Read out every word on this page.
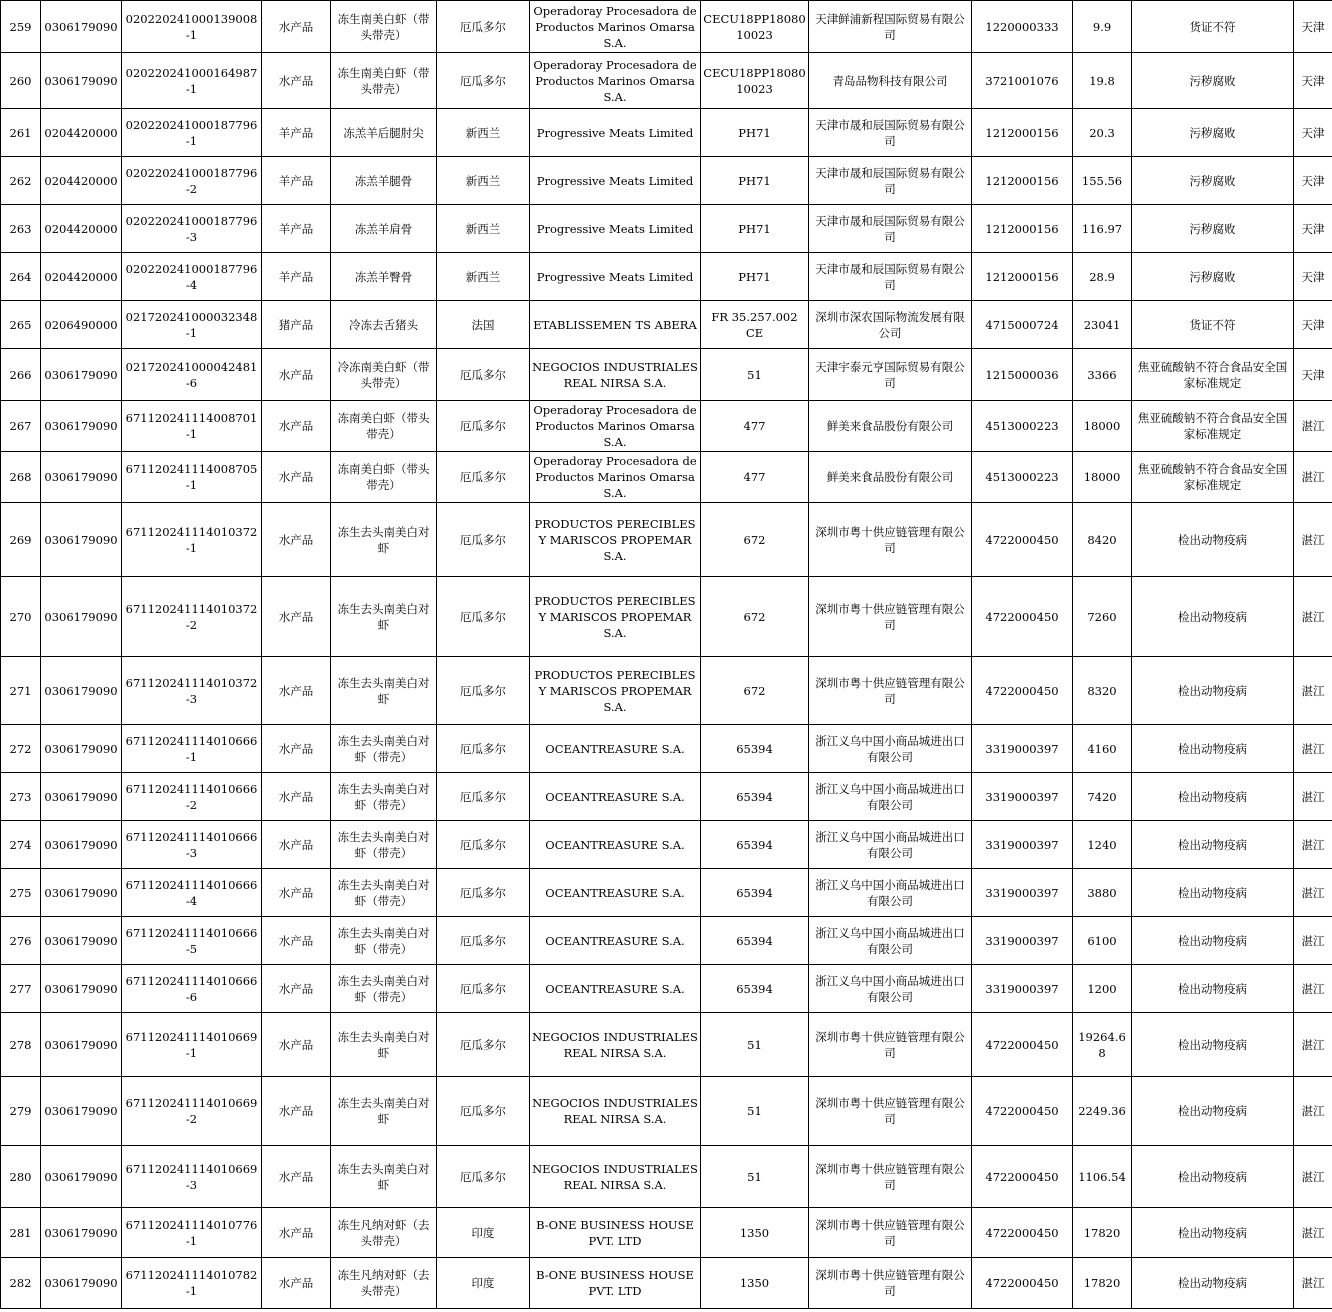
259	0306179090	020220241000139008-1	水产品	冻生南美白虾（带头带壳）	厄瓜多尔	Operadoray Procesadora de Productos Marinos Omarsa S.A.	CECU18PP1808010023	天津鲜浦新程国际贸易有限公司	1220000333	9.9	货证不符	天津
260	0306179090	020220241000164987-1	水产品	冻生南美白虾（带头带壳）	厄瓜多尔	Operadoray Procesadora de Productos Marinos Omarsa S.A.	CECU18PP1808010023	青岛品物科技有限公司	3721001076	19.8	污秽腐败	天津
261	0204420000	020220241000187796-1	羊产品	冻羔羊后腿肘尖	新西兰	Progressive Meats Limited	PH71	天津市晟和辰国际贸易有限公司	1212000156	20.3	污秽腐败	天津
262	0204420000	020220241000187796-2	羊产品	冻羔羊腿骨	新西兰	Progressive Meats Limited	PH71	天津市晟和辰国际贸易有限公司	1212000156	155.56	污秽腐败	天津
263	0204420000	020220241000187796-3	羊产品	冻羔羊肩骨	新西兰	Progressive Meats Limited	PH71	天津市晟和辰国际贸易有限公司	1212000156	116.97	污秽腐败	天津
264	0204420000	020220241000187796-4	羊产品	冻羔羊臀骨	新西兰	Progressive Meats Limited	PH71	天津市晟和辰国际贸易有限公司	1212000156	28.9	污秽腐败	天津
265	0206490000	021720241000032348-1	猪产品	冷冻去舌猪头	法国	ETABLISSEMEN TS ABERA	FR 35.257.002 CE	深圳市深农国际物流发展有限公司	4715000724	23041	货证不符	天津
266	0306179090	021720241000042481-6	水产品	冷冻南美白虾（带头带壳）	厄瓜多尔	NEGOCIOS INDUSTRIALES REAL NIRSA S.A.	51	天津宇泰元亨国际贸易有限公司	1215000036	3366	焦亚硫酸钠不符合食品安全国家标准规定	天津
267	0306179090	671120241114008701-1	水产品	冻南美白虾（带头带壳）	厄瓜多尔	Operadoray Procesadora de Productos Marinos Omarsa S.A.	477	鲜美来食品股份有限公司	4513000223	18000	焦亚硫酸钠不符合食品安全国家标准规定	湛江
268	0306179090	671120241114008705-1	水产品	冻南美白虾（带头带壳）	厄瓜多尔	Operadoray Procesadora de Productos Marinos Omarsa S.A.	477	鲜美来食品股份有限公司	4513000223	18000	焦亚硫酸钠不符合食品安全国家标准规定	湛江
269	0306179090	671120241114010372-1	水产品	冻生去头南美白对虾	厄瓜多尔	PRODUCTOS PERECIBLES Y MARISCOS PROPEMAR S.A.	672	深圳市粤十供应链管理有限公司	4722000450	8420	检出动物疫病	湛江
270	0306179090	671120241114010372-2	水产品	冻生去头南美白对虾	厄瓜多尔	PRODUCTOS PERECIBLES Y MARISCOS PROPEMAR S.A.	672	深圳市粤十供应链管理有限公司	4722000450	7260	检出动物疫病	湛江
271	0306179090	671120241114010372-3	水产品	冻生去头南美白对虾	厄瓜多尔	PRODUCTOS PERECIBLES Y MARISCOS PROPEMAR S.A.	672	深圳市粤十供应链管理有限公司	4722000450	8320	检出动物疫病	湛江
272	0306179090	671120241114010666-1	水产品	冻生去头南美白对虾（带壳）	厄瓜多尔	OCEANTREASURE S.A.	65394	浙江义乌中国小商品城进出口有限公司	3319000397	4160	检出动物疫病	湛江
273	0306179090	671120241114010666-2	水产品	冻生去头南美白对虾（带壳）	厄瓜多尔	OCEANTREASURE S.A.	65394	浙江义乌中国小商品城进出口有限公司	3319000397	7420	检出动物疫病	湛江
274	0306179090	671120241114010666-3	水产品	冻生去头南美白对虾（带壳）	厄瓜多尔	OCEANTREASURE S.A.	65394	浙江义乌中国小商品城进出口有限公司	3319000397	1240	检出动物疫病	湛江
275	0306179090	671120241114010666-4	水产品	冻生去头南美白对虾（带壳）	厄瓜多尔	OCEANTREASURE S.A.	65394	浙江义乌中国小商品城进出口有限公司	3319000397	3880	检出动物疫病	湛江
276	0306179090	671120241114010666-5	水产品	冻生去头南美白对虾（带壳）	厄瓜多尔	OCEANTREASURE S.A.	65394	浙江义乌中国小商品城进出口有限公司	3319000397	6100	检出动物疫病	湛江
277	0306179090	671120241114010666-6	水产品	冻生去头南美白对虾（带壳）	厄瓜多尔	OCEANTREASURE S.A.	65394	浙江义乌中国小商品城进出口有限公司	3319000397	1200	检出动物疫病	湛江
278	0306179090	671120241114010669-1	水产品	冻生去头南美白对虾	厄瓜多尔	NEGOCIOS INDUSTRIALES REAL NIRSA S.A.	51	深圳市粤十供应链管理有限公司	4722000450	19264.68	检出动物疫病	湛江
279	0306179090	671120241114010669-2	水产品	冻生去头南美白对虾	厄瓜多尔	NEGOCIOS INDUSTRIALES REAL NIRSA S.A.	51	深圳市粤十供应链管理有限公司	4722000450	2249.36	检出动物疫病	湛江
280	0306179090	671120241114010669-3	水产品	冻生去头南美白对虾	厄瓜多尔	NEGOCIOS INDUSTRIALES REAL NIRSA S.A.	51	深圳市粤十供应链管理有限公司	4722000450	1106.54	检出动物疫病	湛江
281	0306179090	671120241114010776-1	水产品	冻生凡纳对虾（去头带壳）	印度	B-ONE BUSINESS HOUSE PVT. LTD	1350	深圳市粤十供应链管理有限公司	4722000450	17820	检出动物疫病	湛江
282	0306179090	671120241114010782-1	水产品	冻生凡纳对虾（去头带壳）	印度	B-ONE BUSINESS HOUSE PVT. LTD	1350	深圳市粤十供应链管理有限公司	4722000450	17820	检出动物疫病	湛江
